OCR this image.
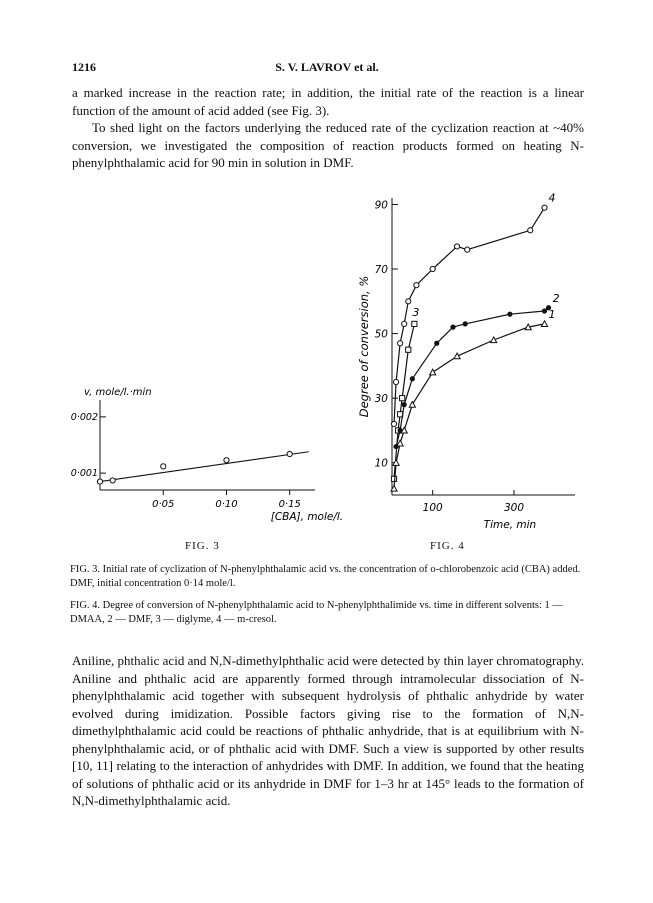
1216	S. V. LAVROV et al.
a marked increase in the reaction rate; in addition, the initial rate of the reaction is a linear function of the amount of acid added (see Fig. 3).
To shed light on the factors underlying the reduced rate of the cyclization reaction at ~40% conversion, we investigated the composition of reaction products formed on heating N-phenylphthalamic acid for 90 min in solution in DMF.
0·05	0·10	0·15
0·001
0·002
v, mole/l.·min
[CBA], mole/l.
10
30
50
70
90
100	300
Time, min
Degree of conversion, %
4
3
2
1
FIG. 3	FIG. 4
FIG. 3. Initial rate of cyclization of N-phenylphthalamic acid vs. the concentration of o-chlorobenzoic acid (CBA) added. DMF, initial concentration 0·14 mole/l.
FIG. 4. Degree of conversion of N-phenylphthalamic acid to N-phenylphthalimide vs. time in different solvents: 1 — DMAA, 2 — DMF, 3 — diglyme, 4 — m-cresol.

Aniline, phthalic acid and N,N-dimethylphthalic acid were detected by thin layer chromatography. Aniline and phthalic acid are apparently formed through intramolecular dissociation of N-phenylphthalamic acid together with subsequent hydrolysis of phthalic anhydride by water evolved during imidization. Possible factors giving rise to the formation of N,N-dimethylphthalamic acid could be reactions of phthalic anhydride, that is at equilibrium with N-phenylphthalamic acid, or of phthalic acid with DMF. Such a view is supported by other results [10, 11] relating to the interaction of anhydrides with DMF. In addition, we found that the heating of solutions of phthalic acid or its anhydride in DMF for 1–3 hr at 145° leads to the formation of N,N-dimethylphthalamic acid.
